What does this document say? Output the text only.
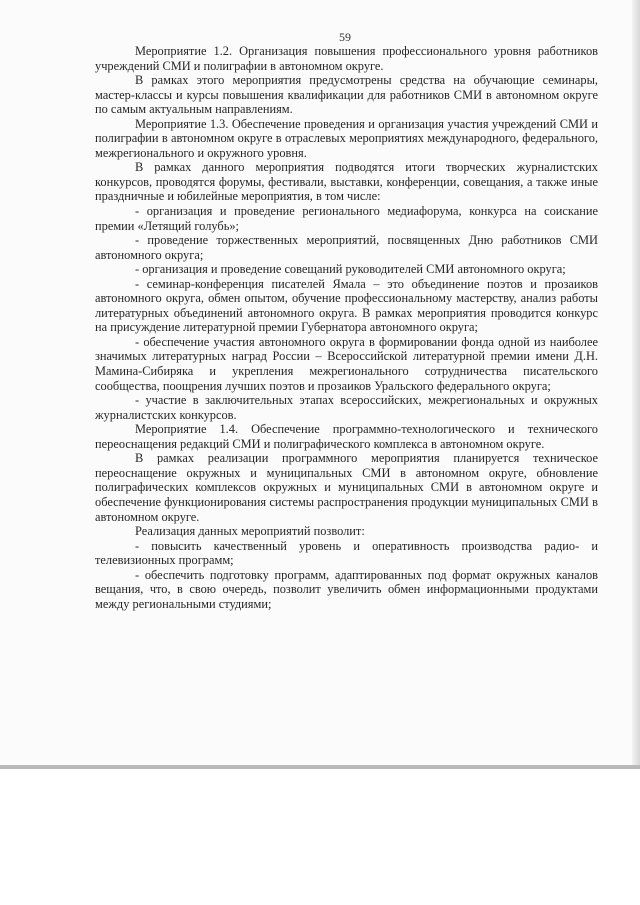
59

Мероприятие 1.2. Организация повышения профессионального уровня работников учреждений СМИ и полиграфии в автономном округе.

В рамках этого мероприятия предусмотрены средства на обучающие семинары, мастер-классы и курсы повышения квалификации для работников СМИ в автономном округе по самым актуальным направлениям.

Мероприятие 1.3. Обеспечение проведения и организация участия учреждений СМИ и полиграфии в автономном округе в отраслевых мероприятиях международного, федерального, межрегионального и окружного уровня.

В рамках данного мероприятия подводятся итоги творческих журналистских конкурсов, проводятся форумы, фестивали, выставки, конференции, совещания, а также иные праздничные и юбилейные мероприятия, в том числе:

- организация и проведение регионального медиафорума, конкурса на соискание премии «Летящий голубь»;

- проведение торжественных мероприятий, посвященных Дню работников СМИ автономного округа;

- организация и проведение совещаний руководителей СМИ автономного округа;

- семинар-конференция писателей Ямала – это объединение поэтов и прозаиков автономного округа, обмен опытом, обучение профессиональному мастерству, анализ работы литературных объединений автономного округа. В рамках мероприятия проводится конкурс на присуждение литературной премии Губернатора автономного округа;

- обеспечение участия автономного округа в формировании фонда одной из наиболее значимых литературных наград России – Всероссийской литературной премии имени Д.Н. Мамина-Сибиряка и укрепления межрегионального сотрудничества писательского сообщества, поощрения лучших поэтов и прозаиков Уральского федерального округа;

- участие в заключительных этапах всероссийских, межрегиональных и окружных журналистских конкурсов.

Мероприятие 1.4. Обеспечение программно-технологического и технического переоснащения редакций СМИ и полиграфического комплекса в автономном округе.

В рамках реализации программного мероприятия планируется техническое переоснащение окружных и муниципальных СМИ в автономном округе, обновление полиграфических комплексов окружных и муниципальных СМИ в автономном округе и обеспечение функционирования системы распространения продукции муниципальных СМИ в автономном округе.

Реализация данных мероприятий позволит:

- повысить качественный уровень и оперативность производства радио- и телевизионных программ;

- обеспечить подготовку программ, адаптированных под формат окружных каналов вещания, что, в свою очередь, позволит увеличить обмен информационными продуктами между региональными студиями;
